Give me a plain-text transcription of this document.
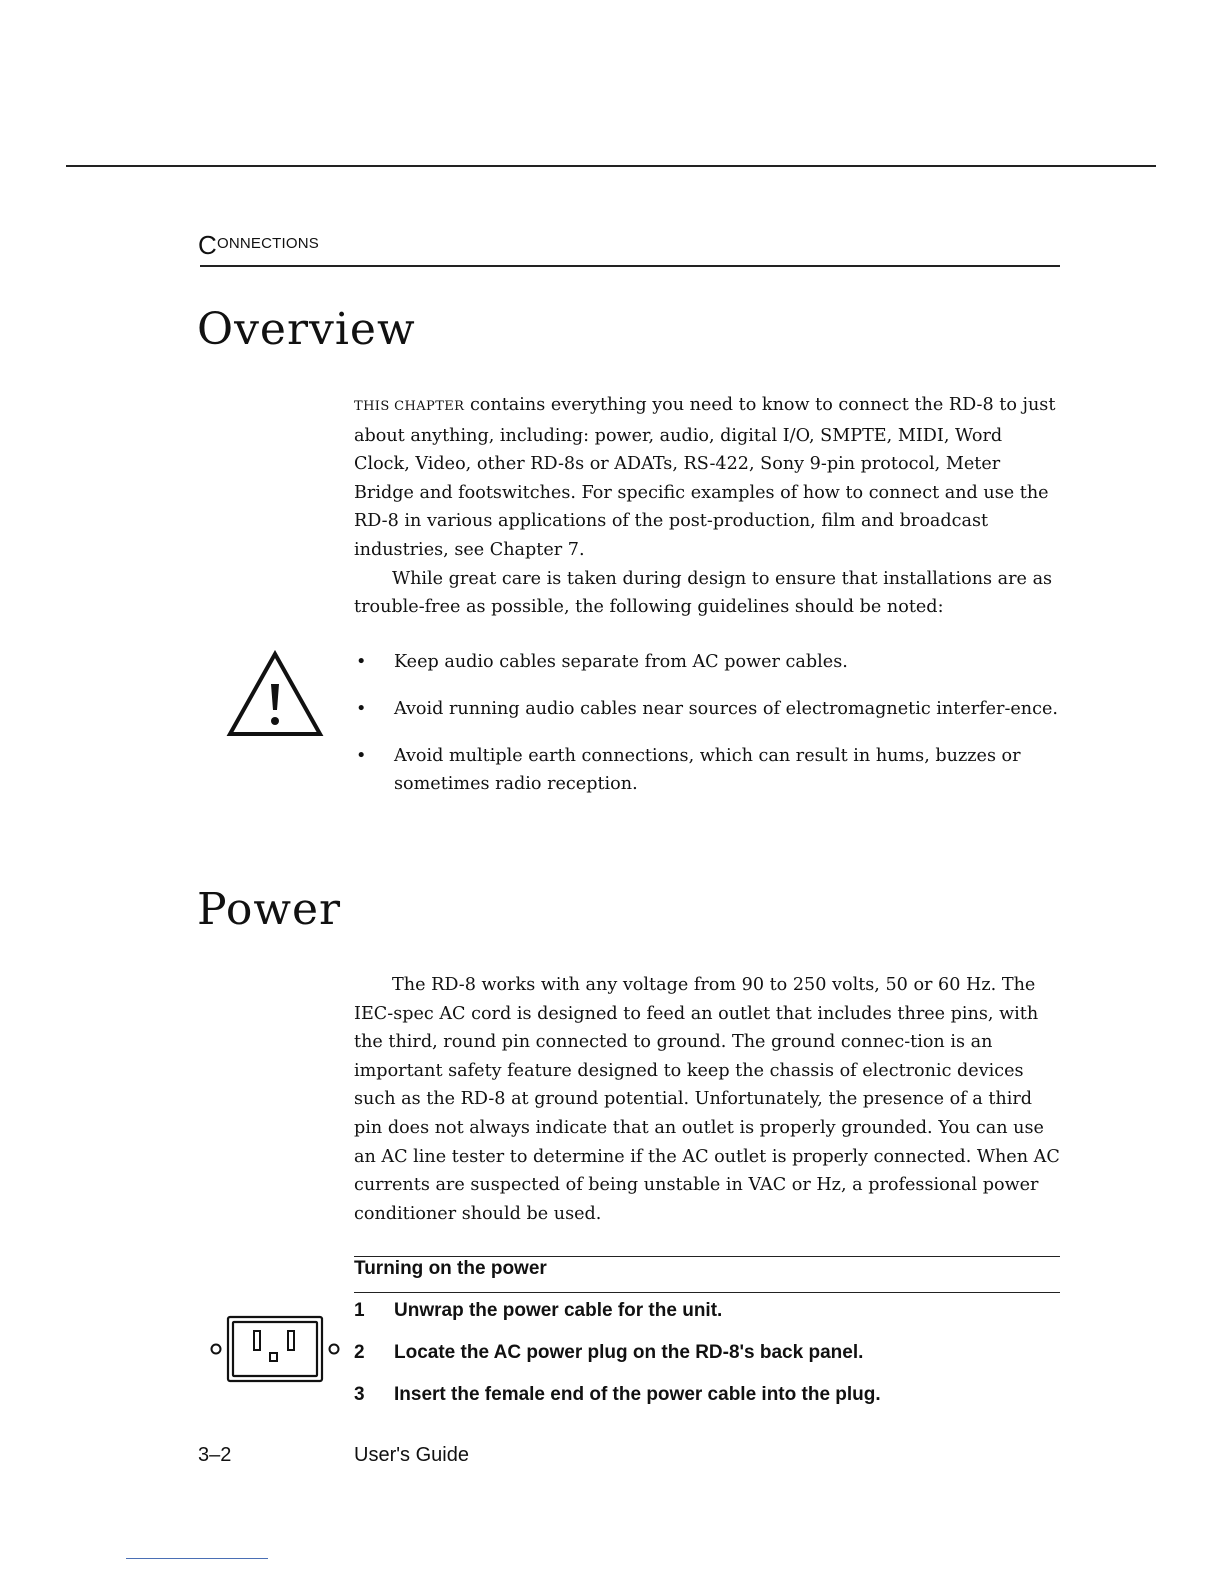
CONNECTIONS
Overview

THIS CHAPTER contains everything you need to know to connect the RD-8 to just about anything, including: power, audio, digital I/O, SMPTE, MIDI, Word Clock, Video, other RD-8s or ADATs, RS-422, Sony 9-pin protocol, Meter Bridge and footswitches. For specific examples of how to connect and use the RD-8 in various applications of the post-production, film and broadcast industries, see Chapter 7.

While great care is taken during design to ensure that installations are as trouble-free as possible, the following guidelines should be noted:

• Keep audio cables separate from AC power cables.
• Avoid running audio cables near sources of electromagnetic interfer-ence.
• Avoid multiple earth connections, which can result in hums, buzzes or sometimes radio reception.
Power

The RD-8 works with any voltage from 90 to 250 volts, 50 or 60 Hz. The IEC-spec AC cord is designed to feed an outlet that includes three pins, with the third, round pin connected to ground. The ground connec-tion is an important safety feature designed to keep the chassis of electronic devices such as the RD-8 at ground potential. Unfortunately, the presence of a third pin does not always indicate that an outlet is properly grounded. You can use an AC line tester to determine if the AC outlet is properly connected. When AC currents are suspected of being unstable in VAC or Hz, a professional power conditioner should be used.

Turning on the power
1 Unwrap the power cable for the unit.
2 Locate the AC power plug on the RD-8's back panel.
3 Insert the female end of the power cable into the plug.
3–2	User's Guide
